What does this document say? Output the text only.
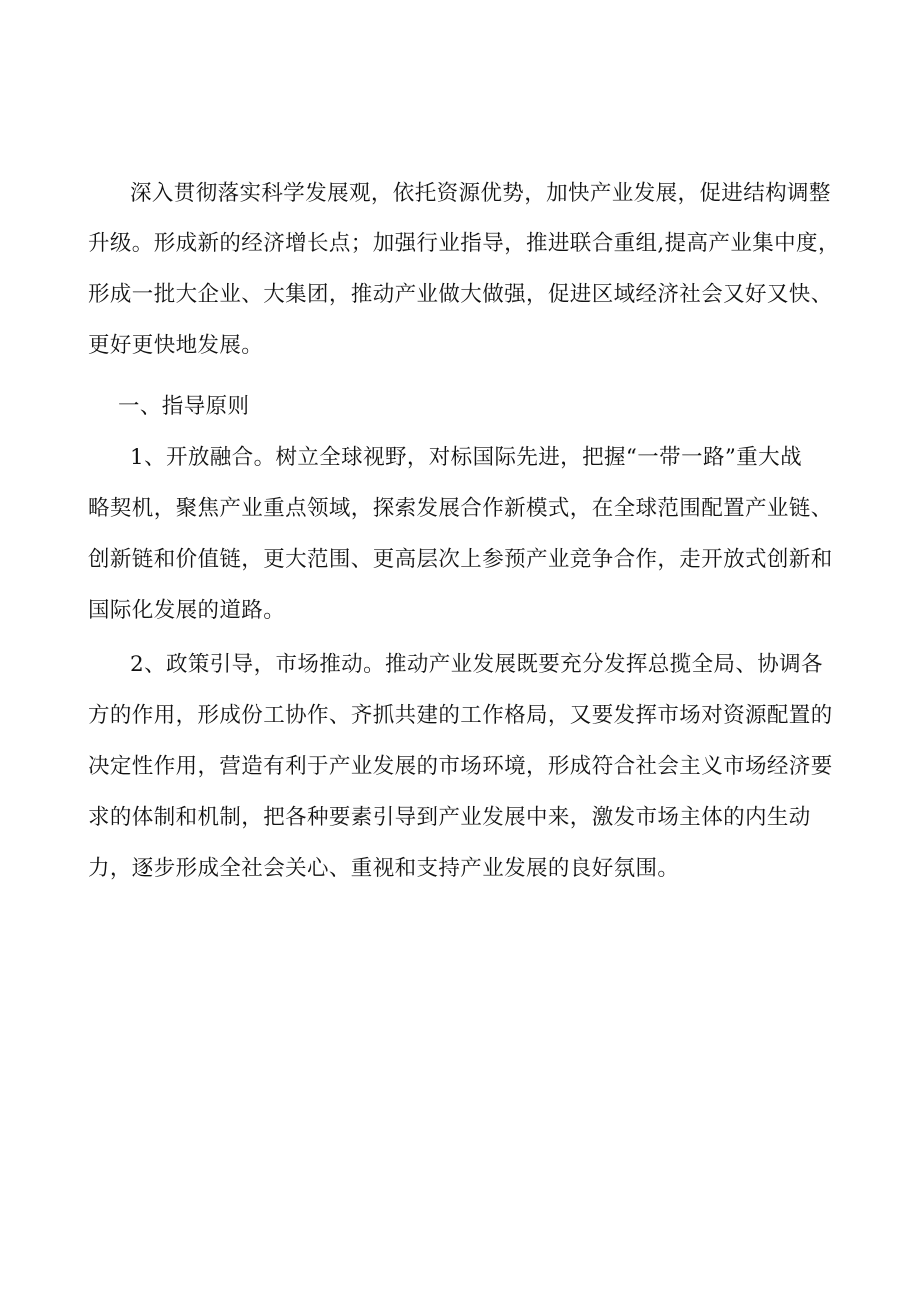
深入贯彻落实科学发展观，依托资源优势，加快产业发展，促进结构调整
升级。形成新的经济增长点；加强行业指导，推进联合重组,提高产业集中度，
形成一批大企业、大集团，推动产业做大做强，促进区域经济社会又好又快、
更好更快地发展。
一、指导原则
1、开放融合。树立全球视野，对标国际先进，把握“一带一路”重大战
略契机，聚焦产业重点领域，探索发展合作新模式，在全球范围配置产业链、
创新链和价值链，更大范围、更高层次上参预产业竞争合作，走开放式创新和
国际化发展的道路。
2、政策引导，市场推动。推动产业发展既要充分发挥总揽全局、协调各
方的作用，形成份工协作、齐抓共建的工作格局，又要发挥市场对资源配置的
决定性作用，营造有利于产业发展的市场环境，形成符合社会主义市场经济要
求的体制和机制，把各种要素引导到产业发展中来，激发市场主体的内生动
力，逐步形成全社会关心、重视和支持产业发展的良好氛围。
